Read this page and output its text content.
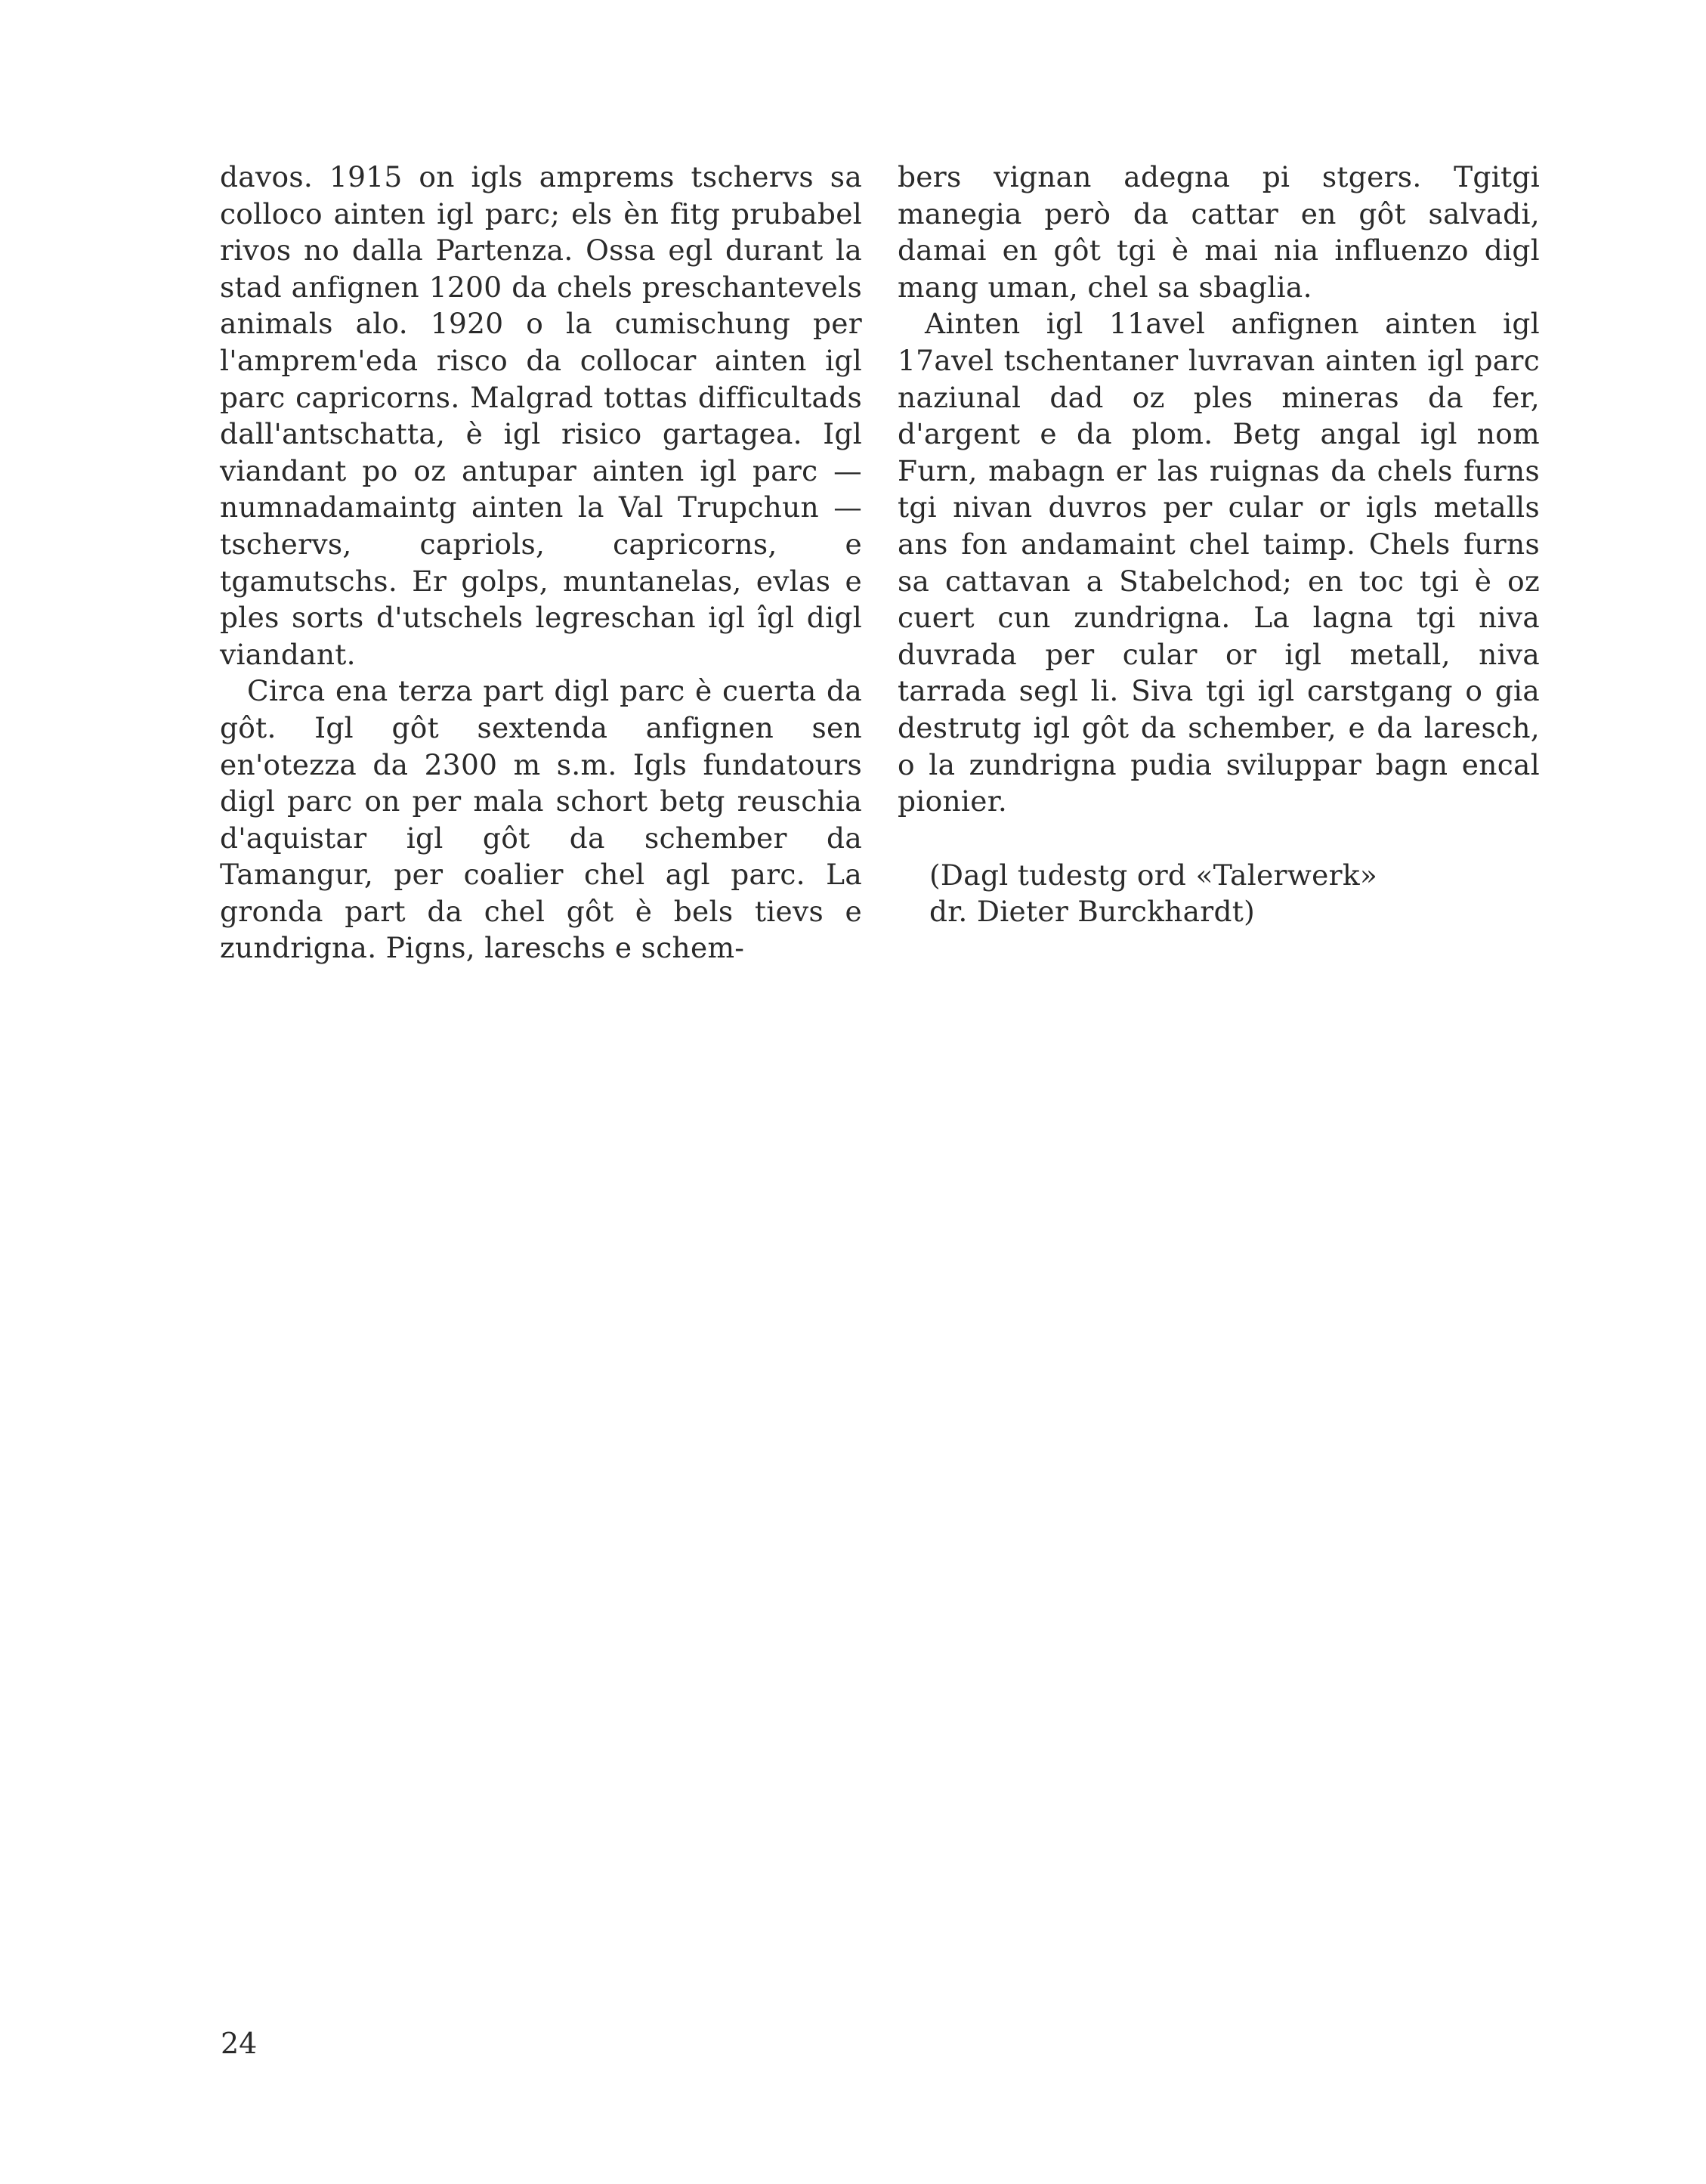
davos. 1915 on igls amprems tschervs sa colloco ainten igl parc; els èn fitg prubabel rivos no dalla Partenza. Ossa egl durant la stad anfignen 1200 da chels preschantevels animals alo. 1920 o la cumischung per l'amprem'eda risco da collocar ainten igl parc capricorns. Malgrad tottas difficultads dall'antschatta, è igl risico gartagea. Igl viandant po oz antupar ainten igl parc — numnadamaintg ainten la Val Trupchun — tschervs, capriols, capricorns, e tgamutschs. Er golps, muntanelas, evlas e ples sorts d'utschels legreschan igl îgl digl viandant.

Circa ena terza part digl parc è cuerta da gôt. Igl gôt sextenda anfignen sen en'otezza da 2300 m s.m. Igls fundatours digl parc on per mala schort betg reuschia d'aquistar igl gôt da schember da Tamangur, per coalier chel agl parc. La gronda part da chel gôt è bels tievs e zundrigna. Pigns, lareschs e schem-

bers vignan adegna pi stgers. Tgitgi manegia però da cattar en gôt salvadi, damai en gôt tgi è mai nia influenzo digl mang uman, chel sa sbaglia.

Ainten igl 11avel anfignen ainten igl 17avel tschentaner luvravan ainten igl parc naziunal dad oz ples mineras da fer, d'argent e da plom. Betg angal igl nom Furn, mabagn er las ruignas da chels furns tgi nivan duvros per cular or igls metalls ans fon andamaint chel taimp. Chels furns sa cattavan a Stabelchod; en toc tgi è oz cuert cun zundrigna. La lagna tgi niva duvrada per cular or igl metall, niva tarrada segl li. Siva tgi igl carstgang o gia destrutg igl gôt da schember, e da laresch, o la zundrigna pudia sviluppar bagn encal pionier.

(Dagl tudestg ord «Talerwerk»
dr. Dieter Burckhardt)
24
